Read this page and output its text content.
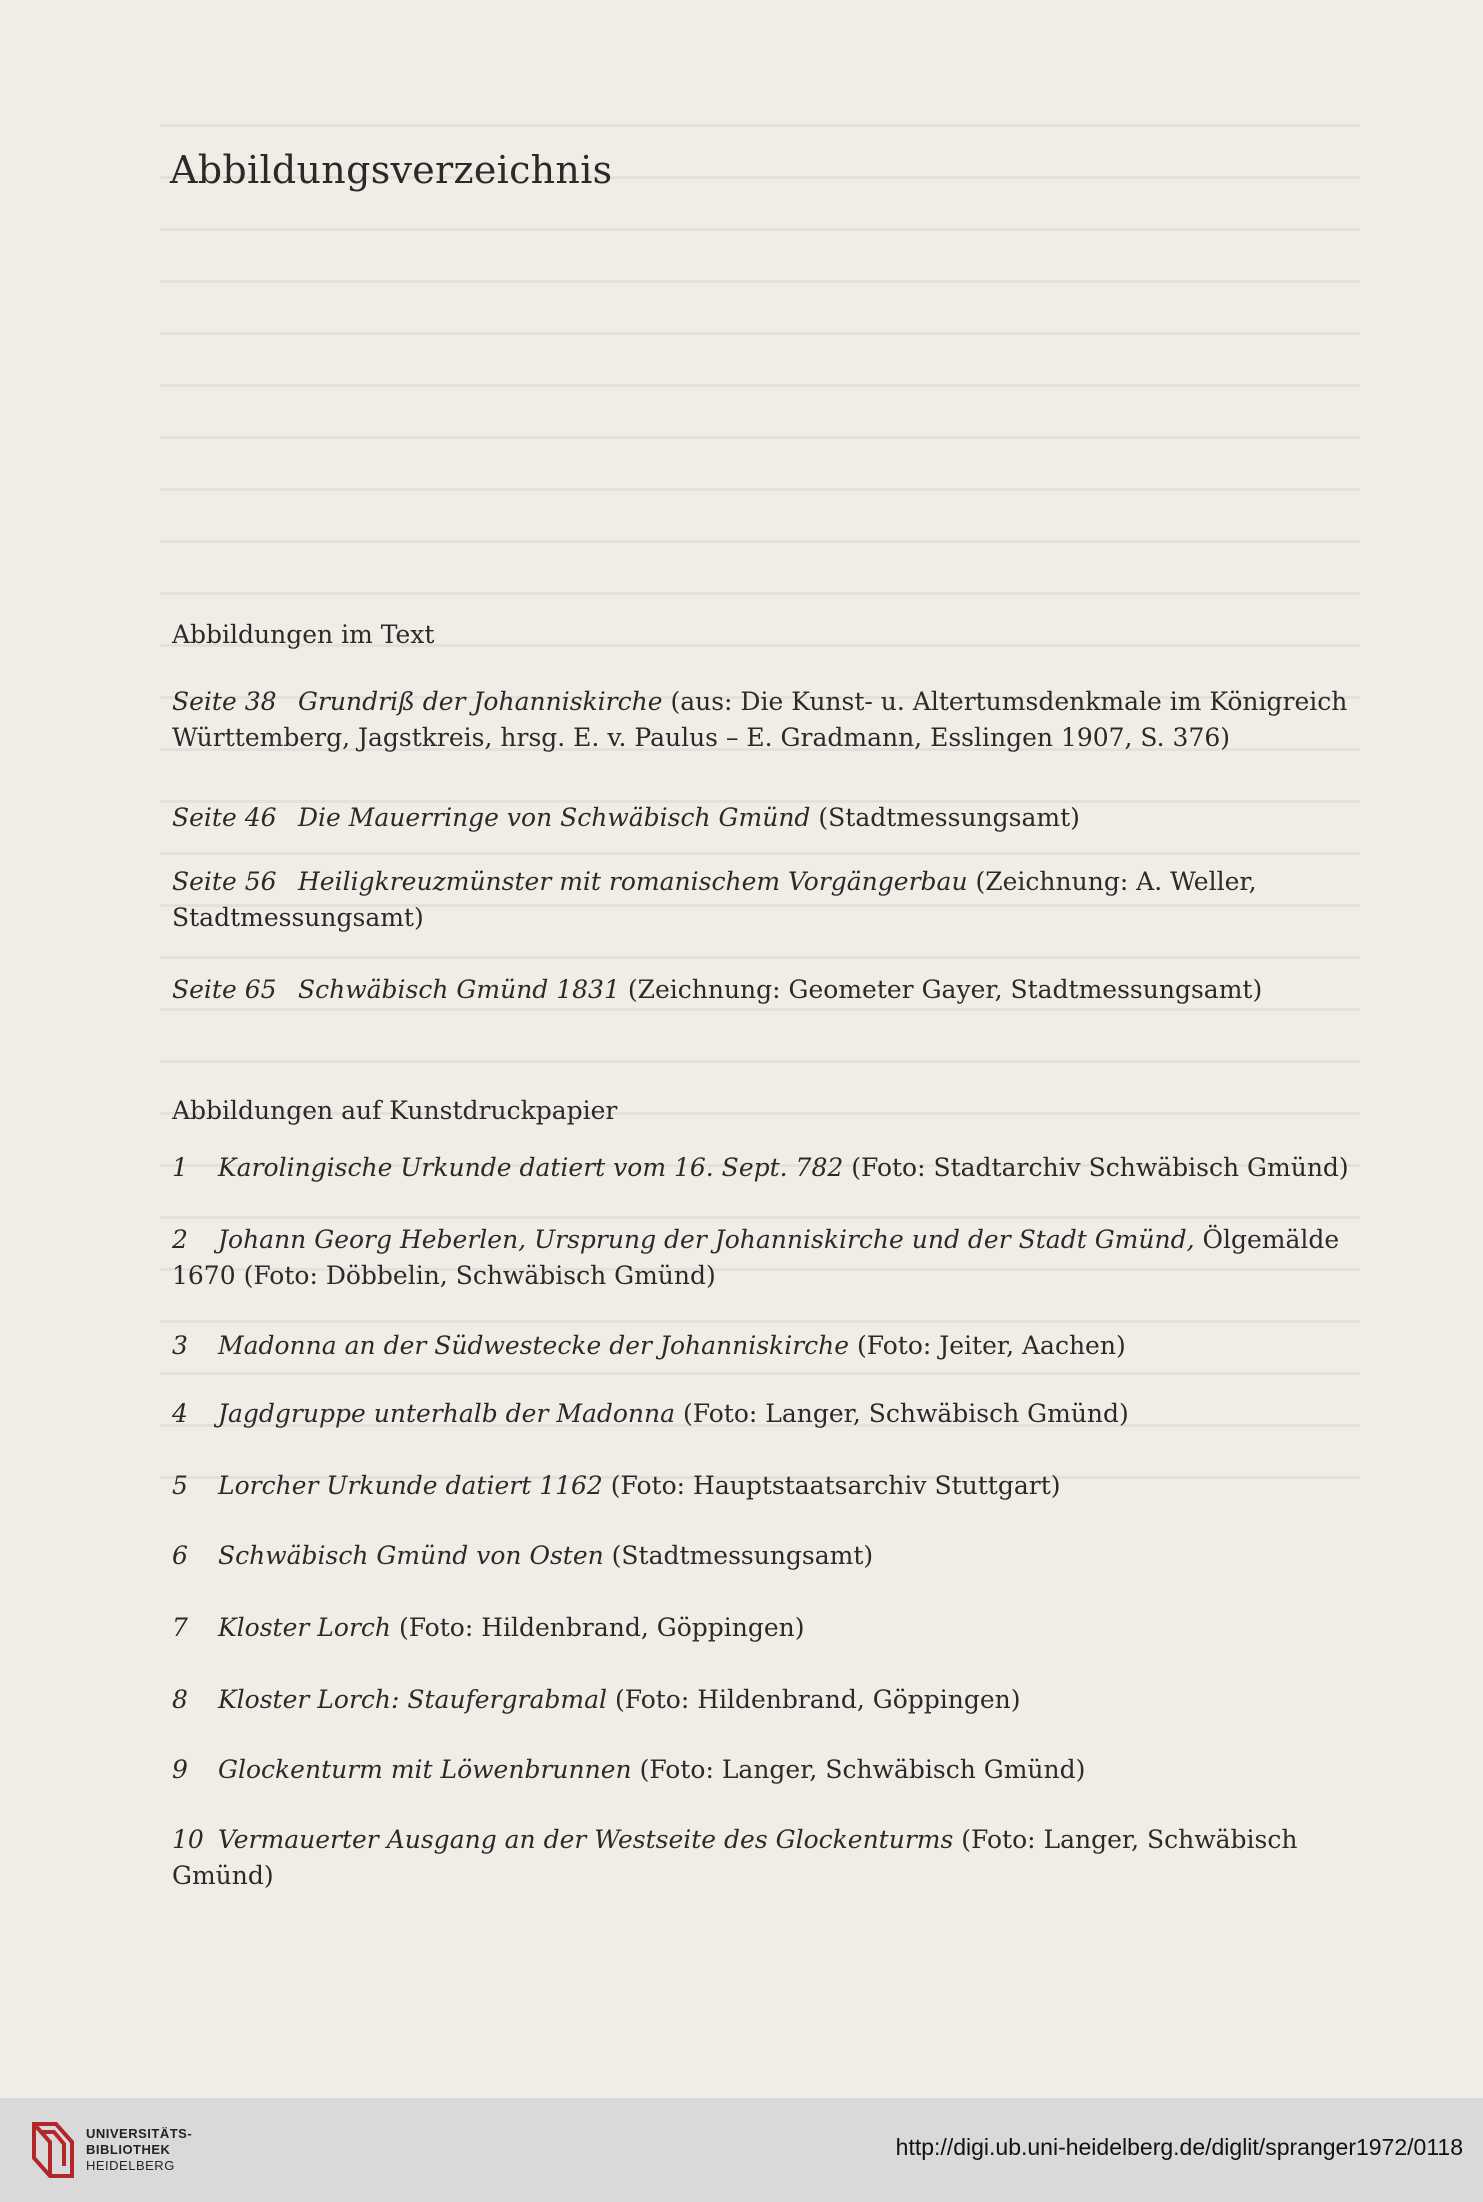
Abbildungsverzeichnis
Abbildungen im Text
Seite 38 Grundriß der Johanniskirche (aus: Die Kunst- u. Altertumsdenkmale im Königreich Württemberg, Jagstkreis, hrsg. E. v. Paulus – E. Gradmann, Esslingen 1907, S. 376)
Seite 46 Die Mauerringe von Schwäbisch Gmünd (Stadtmessungsamt)
Seite 56 Heiligkreuzmünster mit romanischem Vorgängerbau (Zeichnung: A. Weller, Stadtmessungsamt)
Seite 65 Schwäbisch Gmünd 1831 (Zeichnung: Geometer Gayer, Stadtmessungsamt)
Abbildungen auf Kunstdruckpapier
1 Karolingische Urkunde datiert vom 16. Sept. 782 (Foto: Stadtarchiv Schwäbisch Gmünd)
2 Johann Georg Heberlen, Ursprung der Johanniskirche und der Stadt Gmünd, Ölgemälde 1670 (Foto: Döbbelin, Schwäbisch Gmünd)
3 Madonna an der Südwestecke der Johanniskirche (Foto: Jeiter, Aachen)
4 Jagdgruppe unterhalb der Madonna (Foto: Langer, Schwäbisch Gmünd)
5 Lorcher Urkunde datiert 1162 (Foto: Hauptstaatsarchiv Stuttgart)
6 Schwäbisch Gmünd von Osten (Stadtmessungsamt)
7 Kloster Lorch (Foto: Hildenbrand, Göppingen)
8 Kloster Lorch: Staufergrabmal (Foto: Hildenbrand, Göppingen)
9 Glockenturm mit Löwenbrunnen (Foto: Langer, Schwäbisch Gmünd)
10 Vermauerter Ausgang an der Westseite des Glockenturms (Foto: Langer, Schwäbisch Gmünd)
UNIVERSITÄTS-
BIBLIOTHEK
HEIDELBERG
http://digi.ub.uni-heidelberg.de/diglit/spranger1972/0118
